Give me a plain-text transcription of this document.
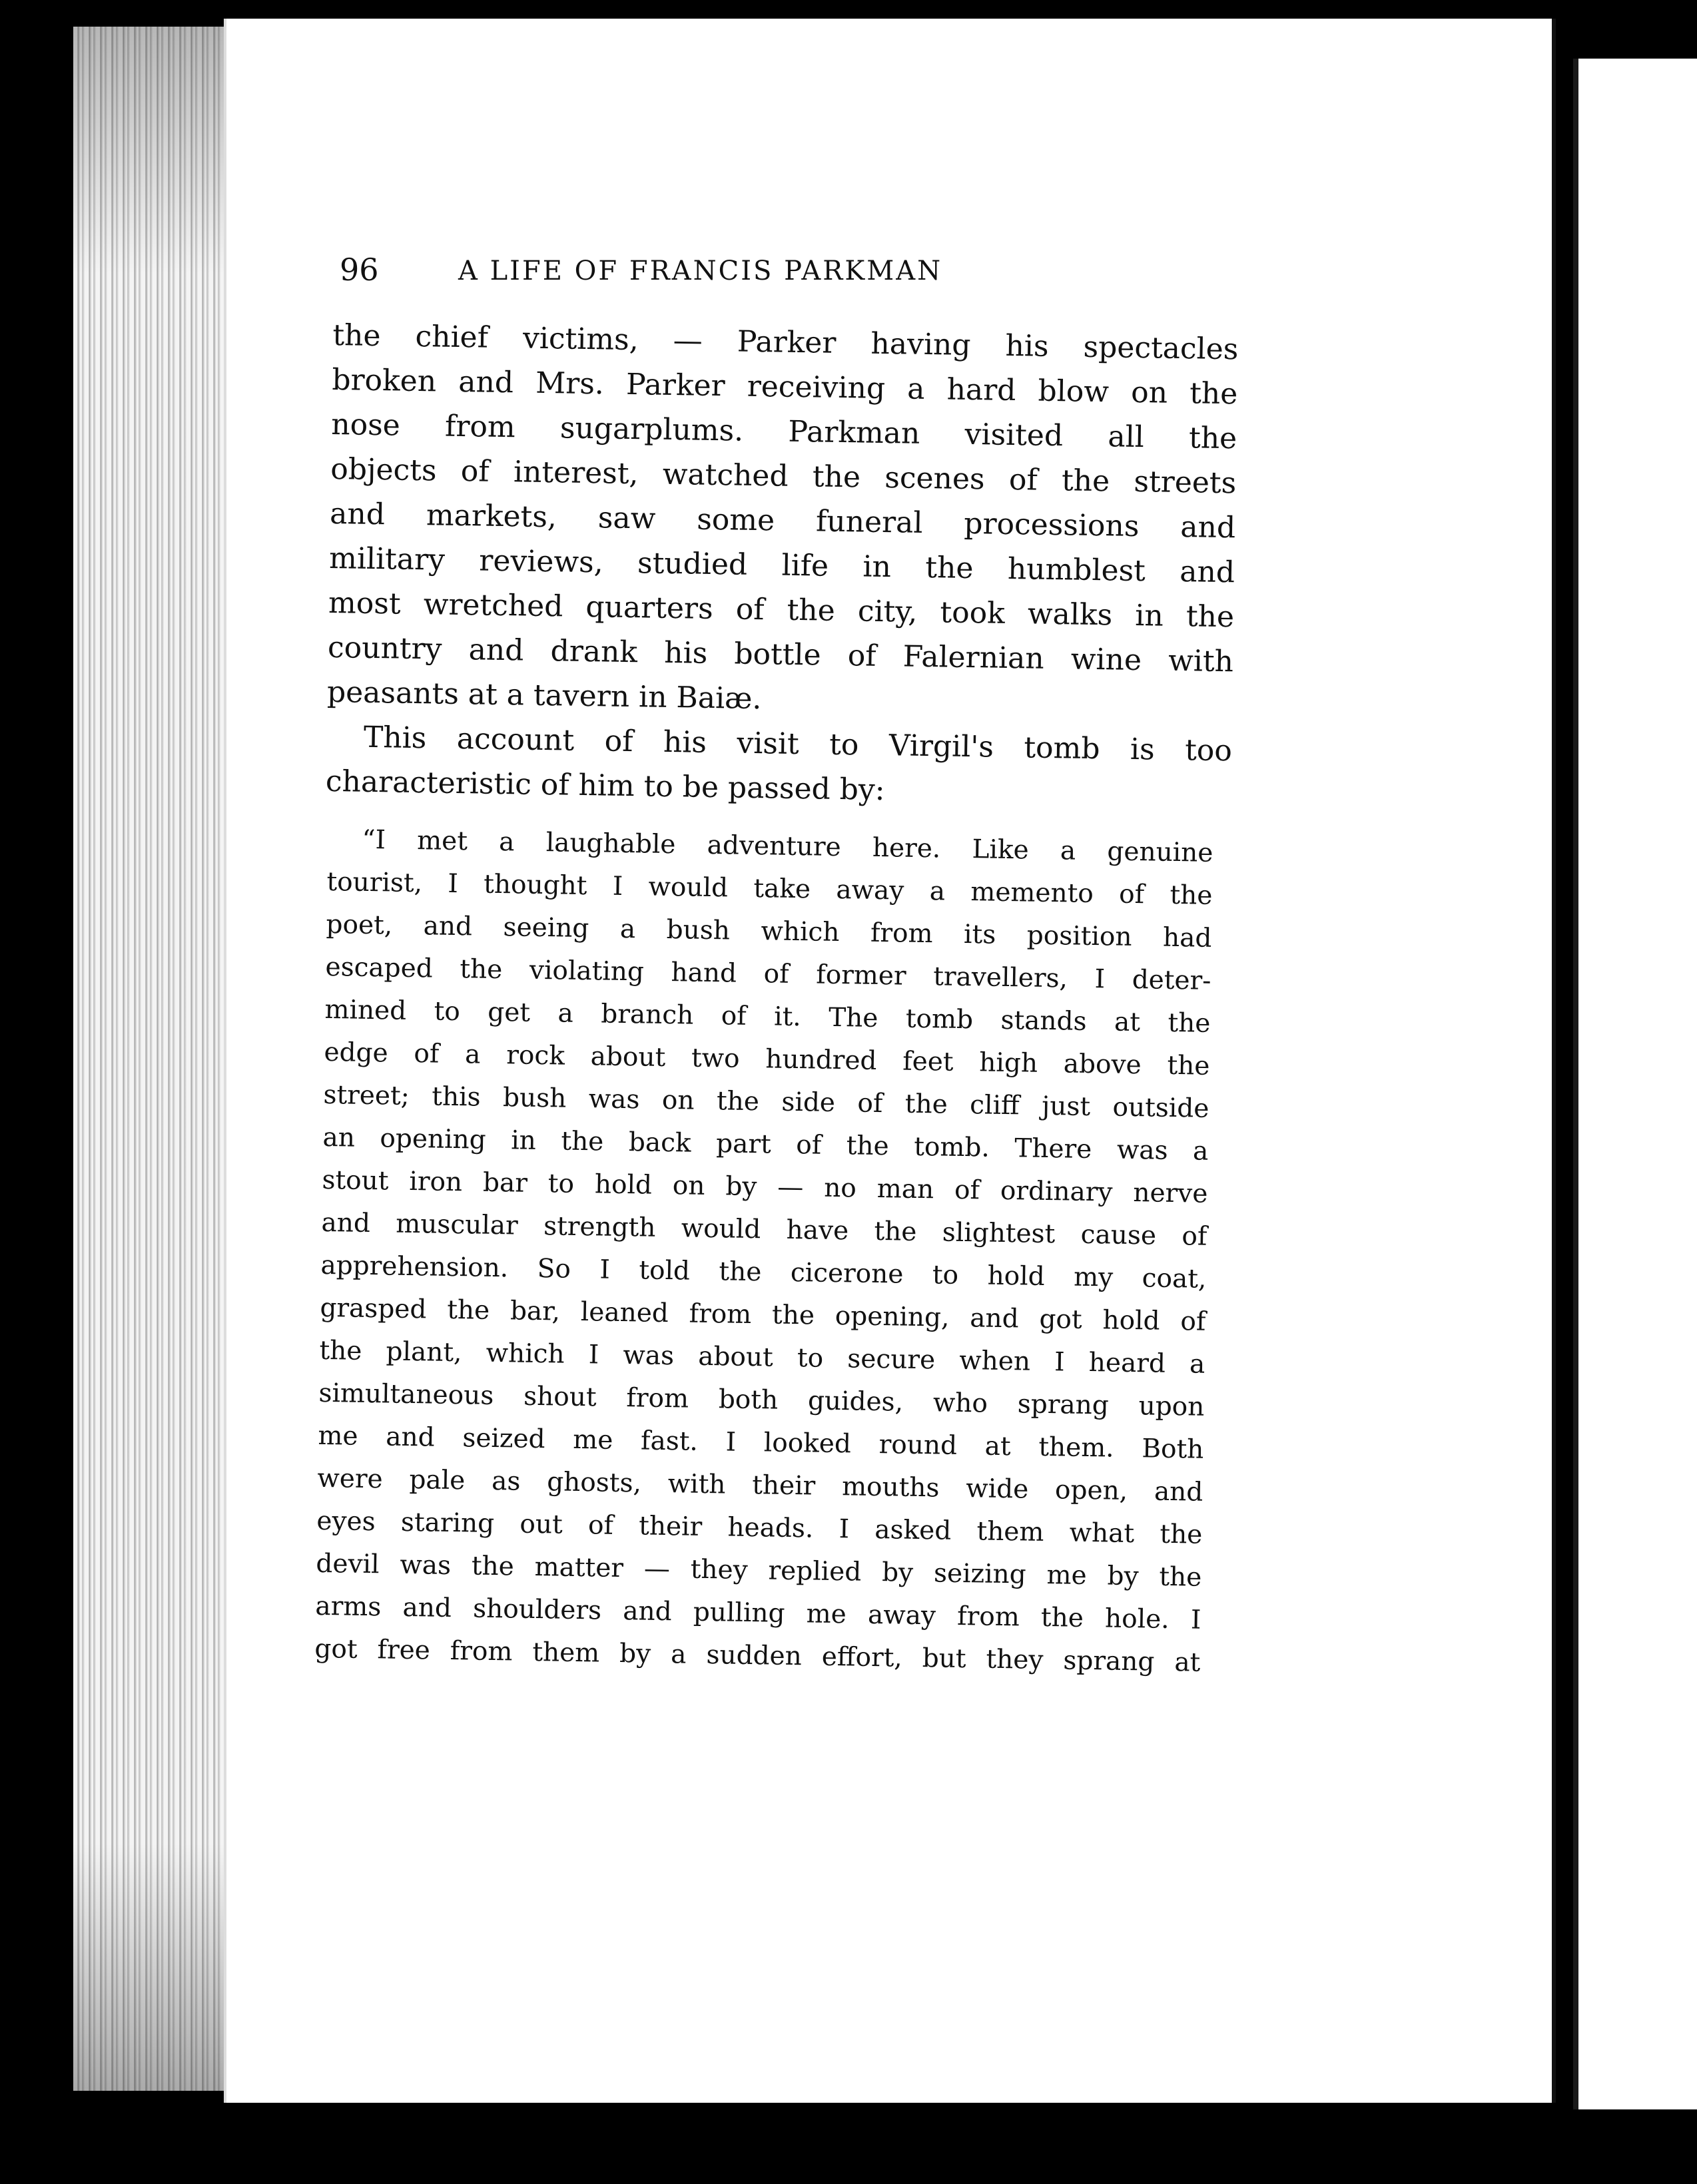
96	A LIFE OF FRANCIS PARKMAN
the chief victims, — Parker having his spectacles
broken and Mrs. Parker receiving a hard blow on the
nose from sugarplums. Parkman visited all the
objects of interest, watched the scenes of the streets
and markets, saw some funeral processions and
military reviews, studied life in the humblest and
most wretched quarters of the city, took walks in the
country and drank his bottle of Falernian wine with
peasants at a tavern in Baiæ.
This account of his visit to Virgil's tomb is too
characteristic of him to be passed by:
“I met a laughable adventure here. Like a genuine
tourist, I thought I would take away a memento of the
poet, and seeing a bush which from its position had
escaped the violating hand of former travellers, I deter-
mined to get a branch of it. The tomb stands at the
edge of a rock about two hundred feet high above the
street; this bush was on the side of the cliff just outside
an opening in the back part of the tomb. There was a
stout iron bar to hold on by — no man of ordinary nerve
and muscular strength would have the slightest cause of
apprehension. So I told the cicerone to hold my coat,
grasped the bar, leaned from the opening, and got hold of
the plant, which I was about to secure when I heard a
simultaneous shout from both guides, who sprang upon
me and seized me fast. I looked round at them. Both
were pale as ghosts, with their mouths wide open, and
eyes staring out of their heads. I asked them what the
devil was the matter — they replied by seizing me by the
arms and shoulders and pulling me away from the hole. I
got free from them by a sudden effort, but they sprang at
